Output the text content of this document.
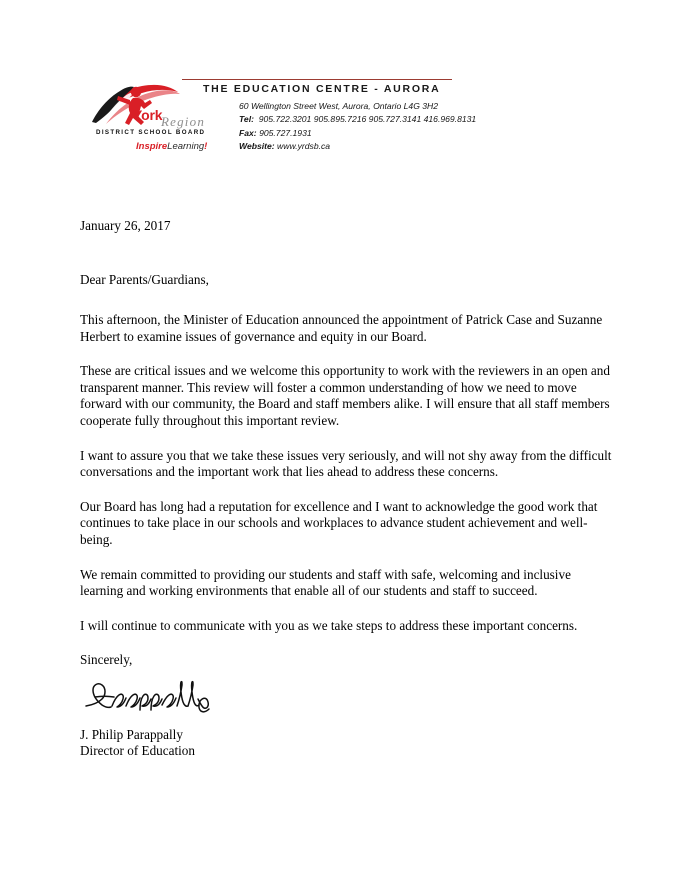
York
Region
DISTRICT SCHOOL BOARD
InspireLearning!
THE EDUCATION CENTRE - AURORA
60 Wellington Street West, Aurora, Ontario L4G 3H2
Tel: 905.722.3201 905.895.7216 905.727.3141 416.969.8131
Fax: 905.727.1931
Website: www.yrdsb.ca

January 26, 2017

Dear Parents/Guardians,

This afternoon, the Minister of Education announced the appointment of Patrick Case and Suzanne Herbert to examine issues of governance and equity in our Board.

These are critical issues and we welcome this opportunity to work with the reviewers in an open and transparent manner. This review will foster a common understanding of how we need to move forward with our community, the Board and staff members alike. I will ensure that all staff members cooperate fully throughout this important review.

I want to assure you that we take these issues very seriously, and will not shy away from the difficult conversations and the important work that lies ahead to address these concerns.

Our Board has long had a reputation for excellence and I want to acknowledge the good work that continues to take place in our schools and workplaces to advance student achievement and well-being.

We remain committed to providing our students and staff with safe, welcoming and inclusive learning and working environments that enable all of our students and staff to succeed.

I will continue to communicate with you as we take steps to address these important concerns.

Sincerely,

J. Philip Parappally
Director of Education
